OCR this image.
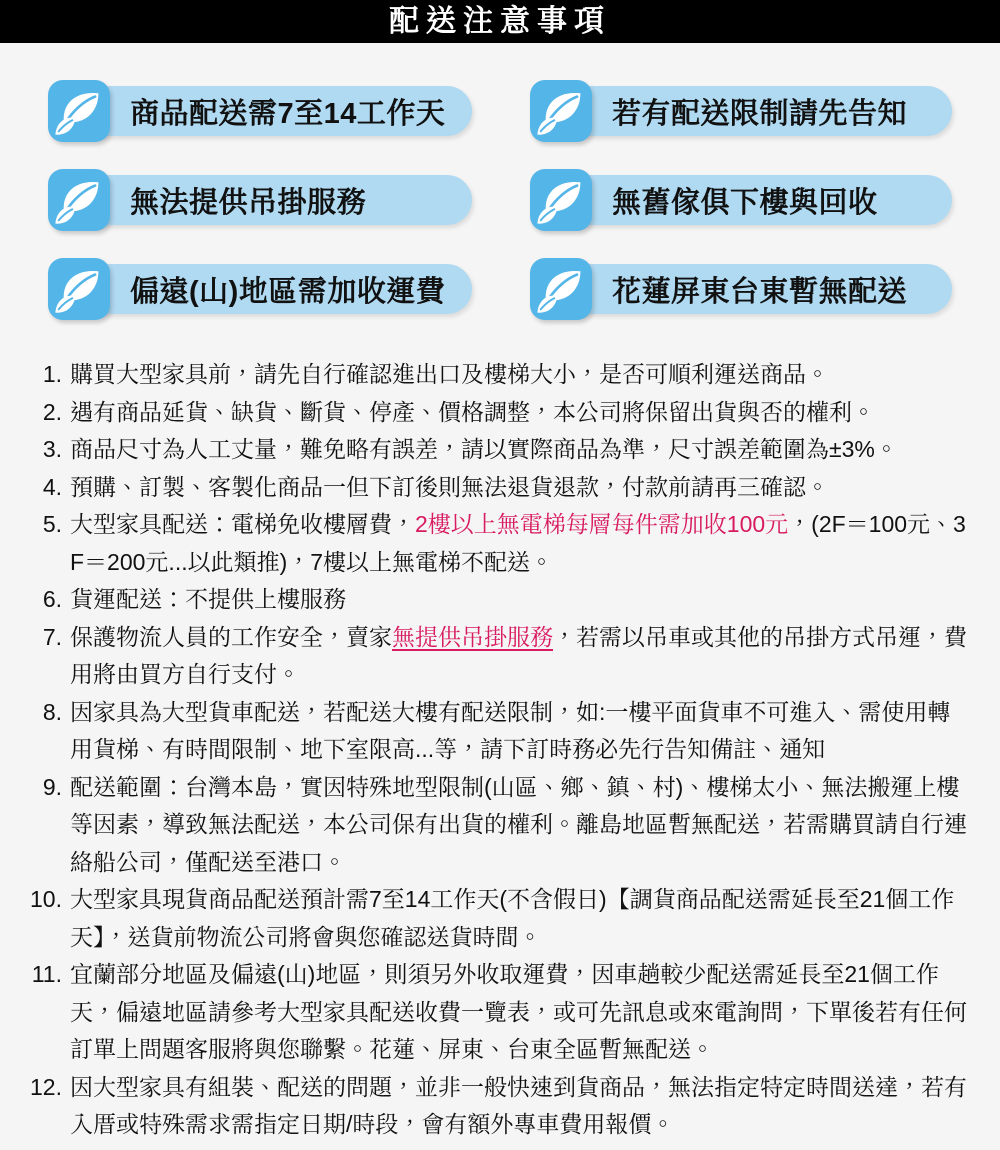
配送注意事項
商品配送需7至14工作天	若有配送限制請先告知
無法提供吊掛服務	無舊傢俱下樓與回收
偏遠(山)地區需加收運費	花蓮屏東台東暫無配送
1. 購買大型家具前，請先自行確認進出口及樓梯大小，是否可順利運送商品。
2. 遇有商品延貨、缺貨、斷貨、停產、價格調整，本公司將保留出貨與否的權利。
3. 商品尺寸為人工丈量，難免略有誤差，請以實際商品為準，尺寸誤差範圍為±3%。
4. 預購、訂製、客製化商品一但下訂後則無法退貨退款，付款前請再三確認。
5. 大型家具配送：電梯免收樓層費，2樓以上無電梯每層每件需加收100元，(2F＝100元、3F＝200元...以此類推)，7樓以上無電梯不配送。
6. 貨運配送：不提供上樓服務
7. 保護物流人員的工作安全，賣家無提供吊掛服務，若需以吊車或其他的吊掛方式吊運，費用將由買方自行支付。
8. 因家具為大型貨車配送，若配送大樓有配送限制，如:一樓平面貨車不可進入、需使用轉用貨梯、有時間限制、地下室限高...等，請下訂時務必先行告知備註、通知
9. 配送範圍：台灣本島，實因特殊地型限制(山區、鄉、鎮、村)、樓梯太小、無法搬運上樓等因素，導致無法配送，本公司保有出貨的權利。離島地區暫無配送，若需購買請自行連絡船公司，僅配送至港口。
10. 大型家具現貨商品配送預計需7至14工作天(不含假日)【調貨商品配送需延長至21個工作天】，送貨前物流公司將會與您確認送貨時間。
11. 宜蘭部分地區及偏遠(山)地區，則須另外收取運費，因車趟較少配送需延長至21個工作天，偏遠地區請參考大型家具配送收費一覽表，或可先訊息或來電詢問，下單後若有任何訂單上問題客服將與您聯繫。花蓮、屏東、台東全區暫無配送。
12. 因大型家具有組裝、配送的問題，並非一般快速到貨商品，無法指定特定時間送達，若有入厝或特殊需求需指定日期/時段，會有額外專車費用報價。
